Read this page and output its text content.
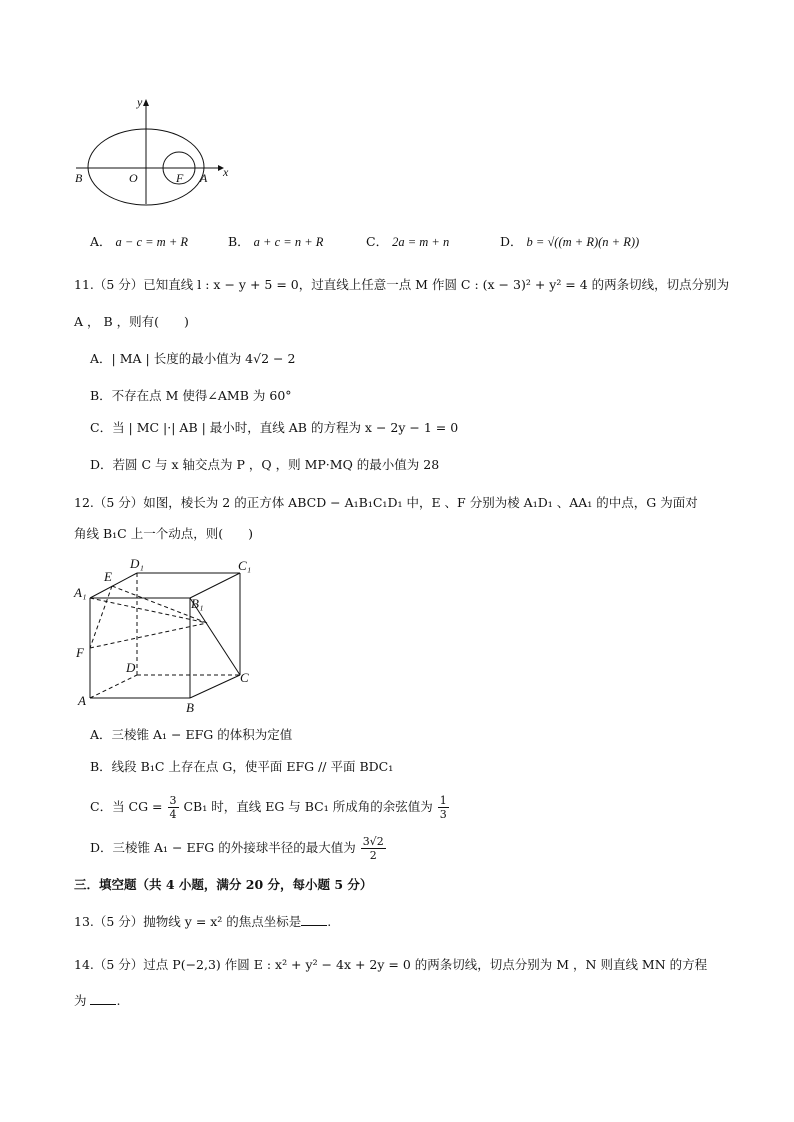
y
x
B	O	F A
A． a − c = m + R	B． a + c = n + R	C． 2a = m + n	D． b = √((m + R)(n + R))
11.（5 分）已知直线 l : x − y + 5 = 0，过直线上任意一点 M 作圆 C : (x − 3)² + y² = 4 的两条切线，切点分别为
A ， B ，则有(　　)
A．| MA | 长度的最小值为 4√2 − 2
B．不存在点 M 使得∠AMB 为 60°
C．当 | MC |·| AB | 最小时，直线 AB 的方程为 x − 2y − 1 = 0
D．若圆 C 与 x 轴交点为 P ，Q ，则 MP·MQ 的最小值为 28
12.（5 分）如图，棱长为 2 的正方体 ABCD − A₁B₁C₁D₁ 中，E 、F 分别为棱 A₁D₁ 、AA₁ 的中点，G 为面对
角线 B₁C 上一个动点，则(　　)
A₁
E
D₁	C₁
B₁
F
D
C
A	B
A．三棱锥 A₁ − EFG 的体积为定值
B．线段 B₁C 上存在点 G，使平面 EFG // 平面 BDC₁
C．当 CG = $\frac{3}{4} CB_1$ 时，直线 EG 与 BC₁ 所成角的余弦值为 $\frac{1}{3}$
D．三棱锥 A₁ − EFG 的外接球半径的最大值为 $\frac{3√2}{2}$
三．填空题（共 4 小题，满分 20 分，每小题 5 分）
13.（5 分）抛物线 y = x² 的焦点坐标是 .
14.（5 分）过点 P(−2,3) 作圆 E : x² + y² − 4x + 2y = 0 的两条切线，切点分别为 M ，N 则直线 MN 的方程
为 .
